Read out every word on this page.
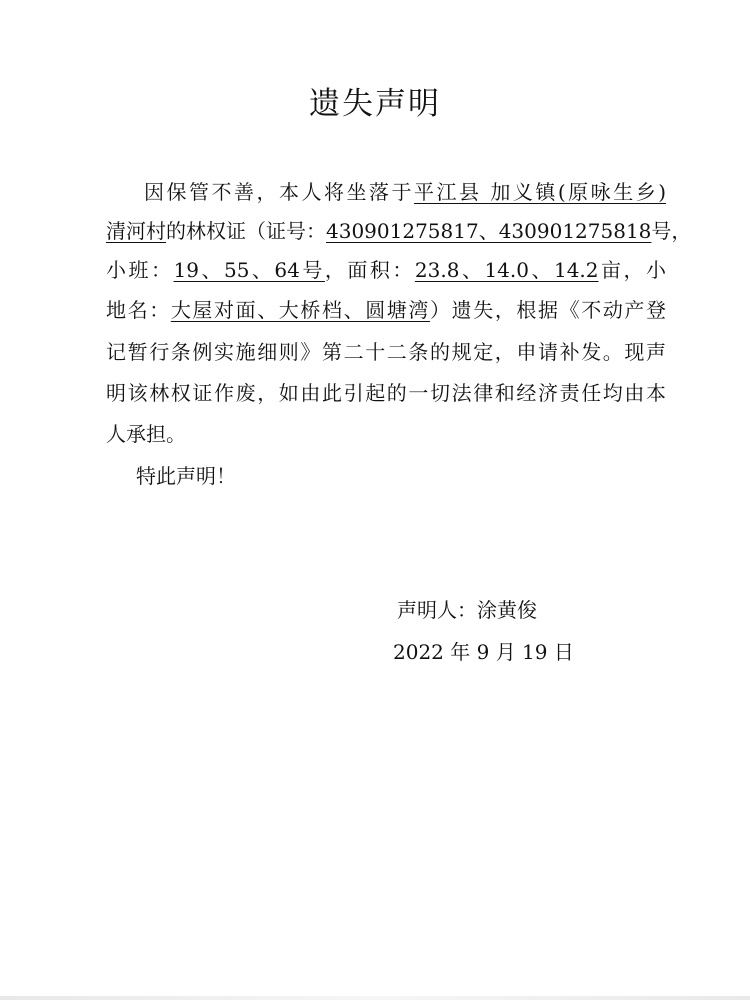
遗失声明
因保管不善，本人将坐落于平江县 加义镇(原咏生乡)
清河村的林权证（证号：430901275817、430901275818号，
小班：19、55、64号，面积：23.8、14.0、14.2亩，小
地名：大屋对面、大桥档、圆塘湾）遗失，根据《不动产登
记暂行条例实施细则》第二十二条的规定，申请补发。现声
明该林权证作废，如由此引起的一切法律和经济责任均由本
人承担。
特此声明！
声明人：涂黄俊
2022 年 9 月 19 日
